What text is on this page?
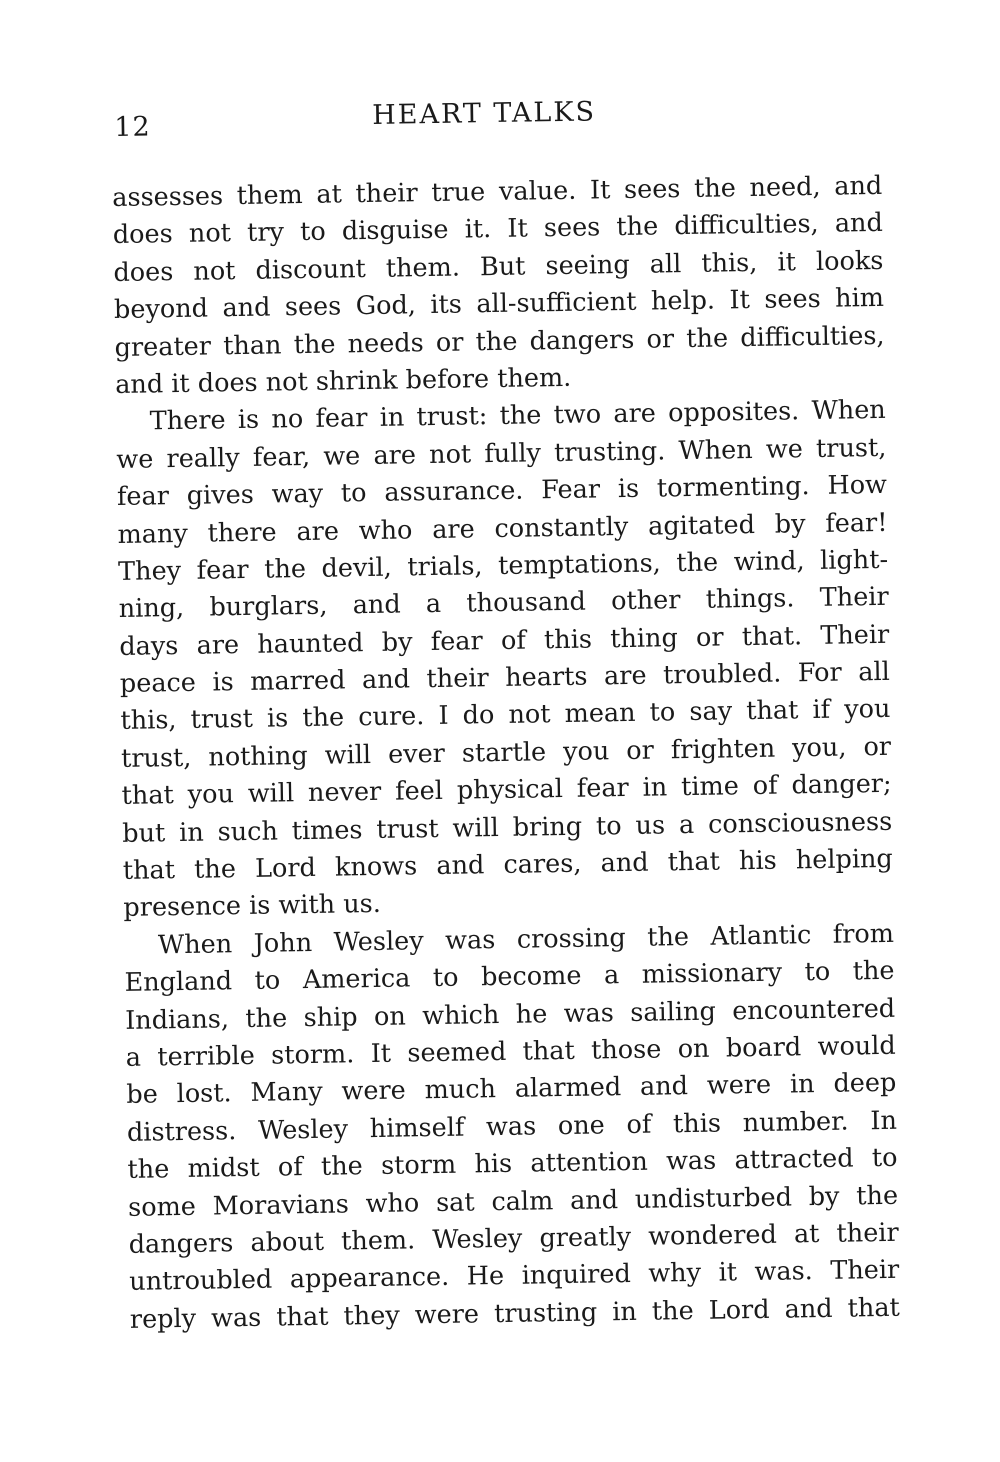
12	HEART TALKS
assesses them at their true value. It sees the need, and
does not try to disguise it. It sees the difficulties, and
does not discount them. But seeing all this, it looks
beyond and sees God, its all-sufficient help. It sees him
greater than the needs or the dangers or the difficulties,
and it does not shrink before them.
There is no fear in trust: the two are opposites. When
we really fear, we are not fully trusting. When we trust,
fear gives way to assurance. Fear is tormenting. How
many there are who are constantly agitated by fear!
They fear the devil, trials, temptations, the wind, light-
ning, burglars, and a thousand other things. Their
days are haunted by fear of this thing or that. Their
peace is marred and their hearts are troubled. For all
this, trust is the cure. I do not mean to say that if you
trust, nothing will ever startle you or frighten you, or
that you will never feel physical fear in time of danger;
but in such times trust will bring to us a consciousness
that the Lord knows and cares, and that his helping
presence is with us.
When John Wesley was crossing the Atlantic from
England to America to become a missionary to the
Indians, the ship on which he was sailing encountered
a terrible storm. It seemed that those on board would
be lost. Many were much alarmed and were in deep
distress. Wesley himself was one of this number. In
the midst of the storm his attention was attracted to
some Moravians who sat calm and undisturbed by the
dangers about them. Wesley greatly wondered at their
untroubled appearance. He inquired why it was. Their
reply was that they were trusting in the Lord and that
